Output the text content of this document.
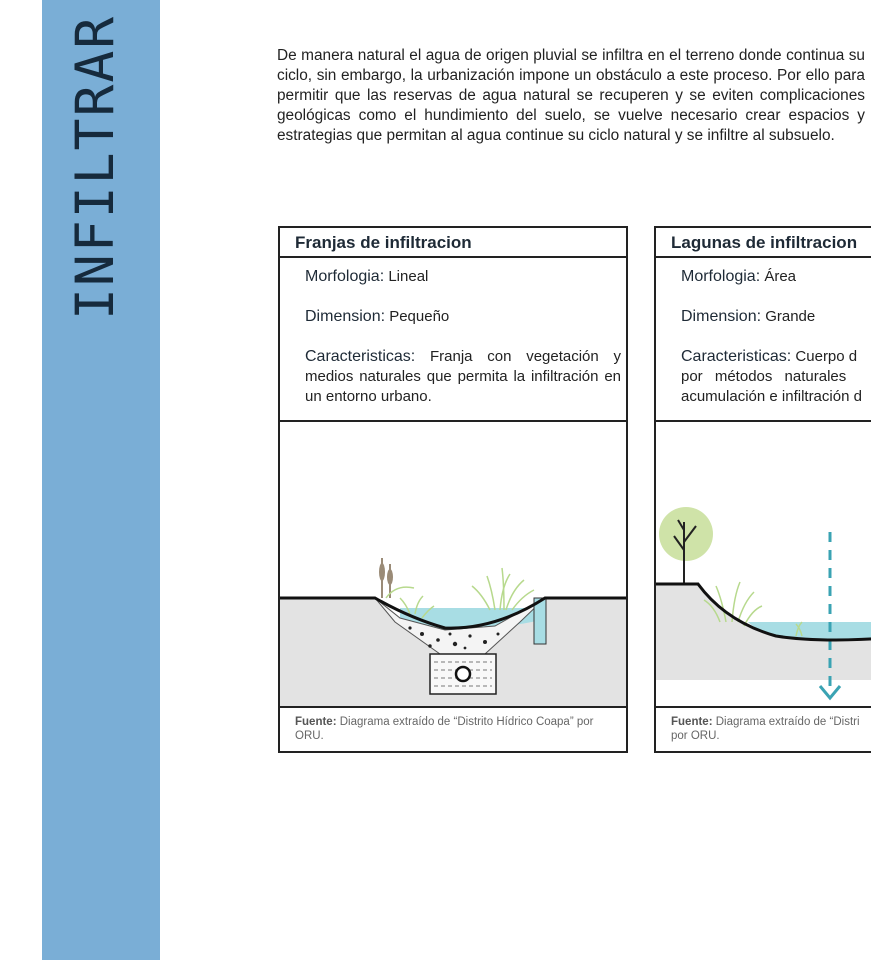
INFILTRAR	De manera natural el agua de origen pluvial se infiltra en el terreno donde continua su ciclo, sin embargo, la urbanización impone un obstáculo a este proceso. Por ello para permitir que las reservas de agua natural se recuperen y se eviten complicaciones geológicas como el hundimiento del suelo, se vuelve necesario crear espacios y estrategias que permitan al agua continue su ciclo natural y se infiltre al subsuelo.

Franjas de infiltracion

Morfologia: Lineal

Dimension: Pequeño

Caracteristicas: Franja con vegetación y medios naturales que permita la infiltración en un entorno urbano.

Fuente: Diagrama extraído de “Distrito Hídrico Coapa” por ORU.
Lagunas de infiltracion

Morfologia: Área

Dimension: Grande

Caracteristicas: Cuerpo d
por métodos naturales
acumulación e infiltración d

Fuente: Diagrama extraído de “Distri
por ORU.
